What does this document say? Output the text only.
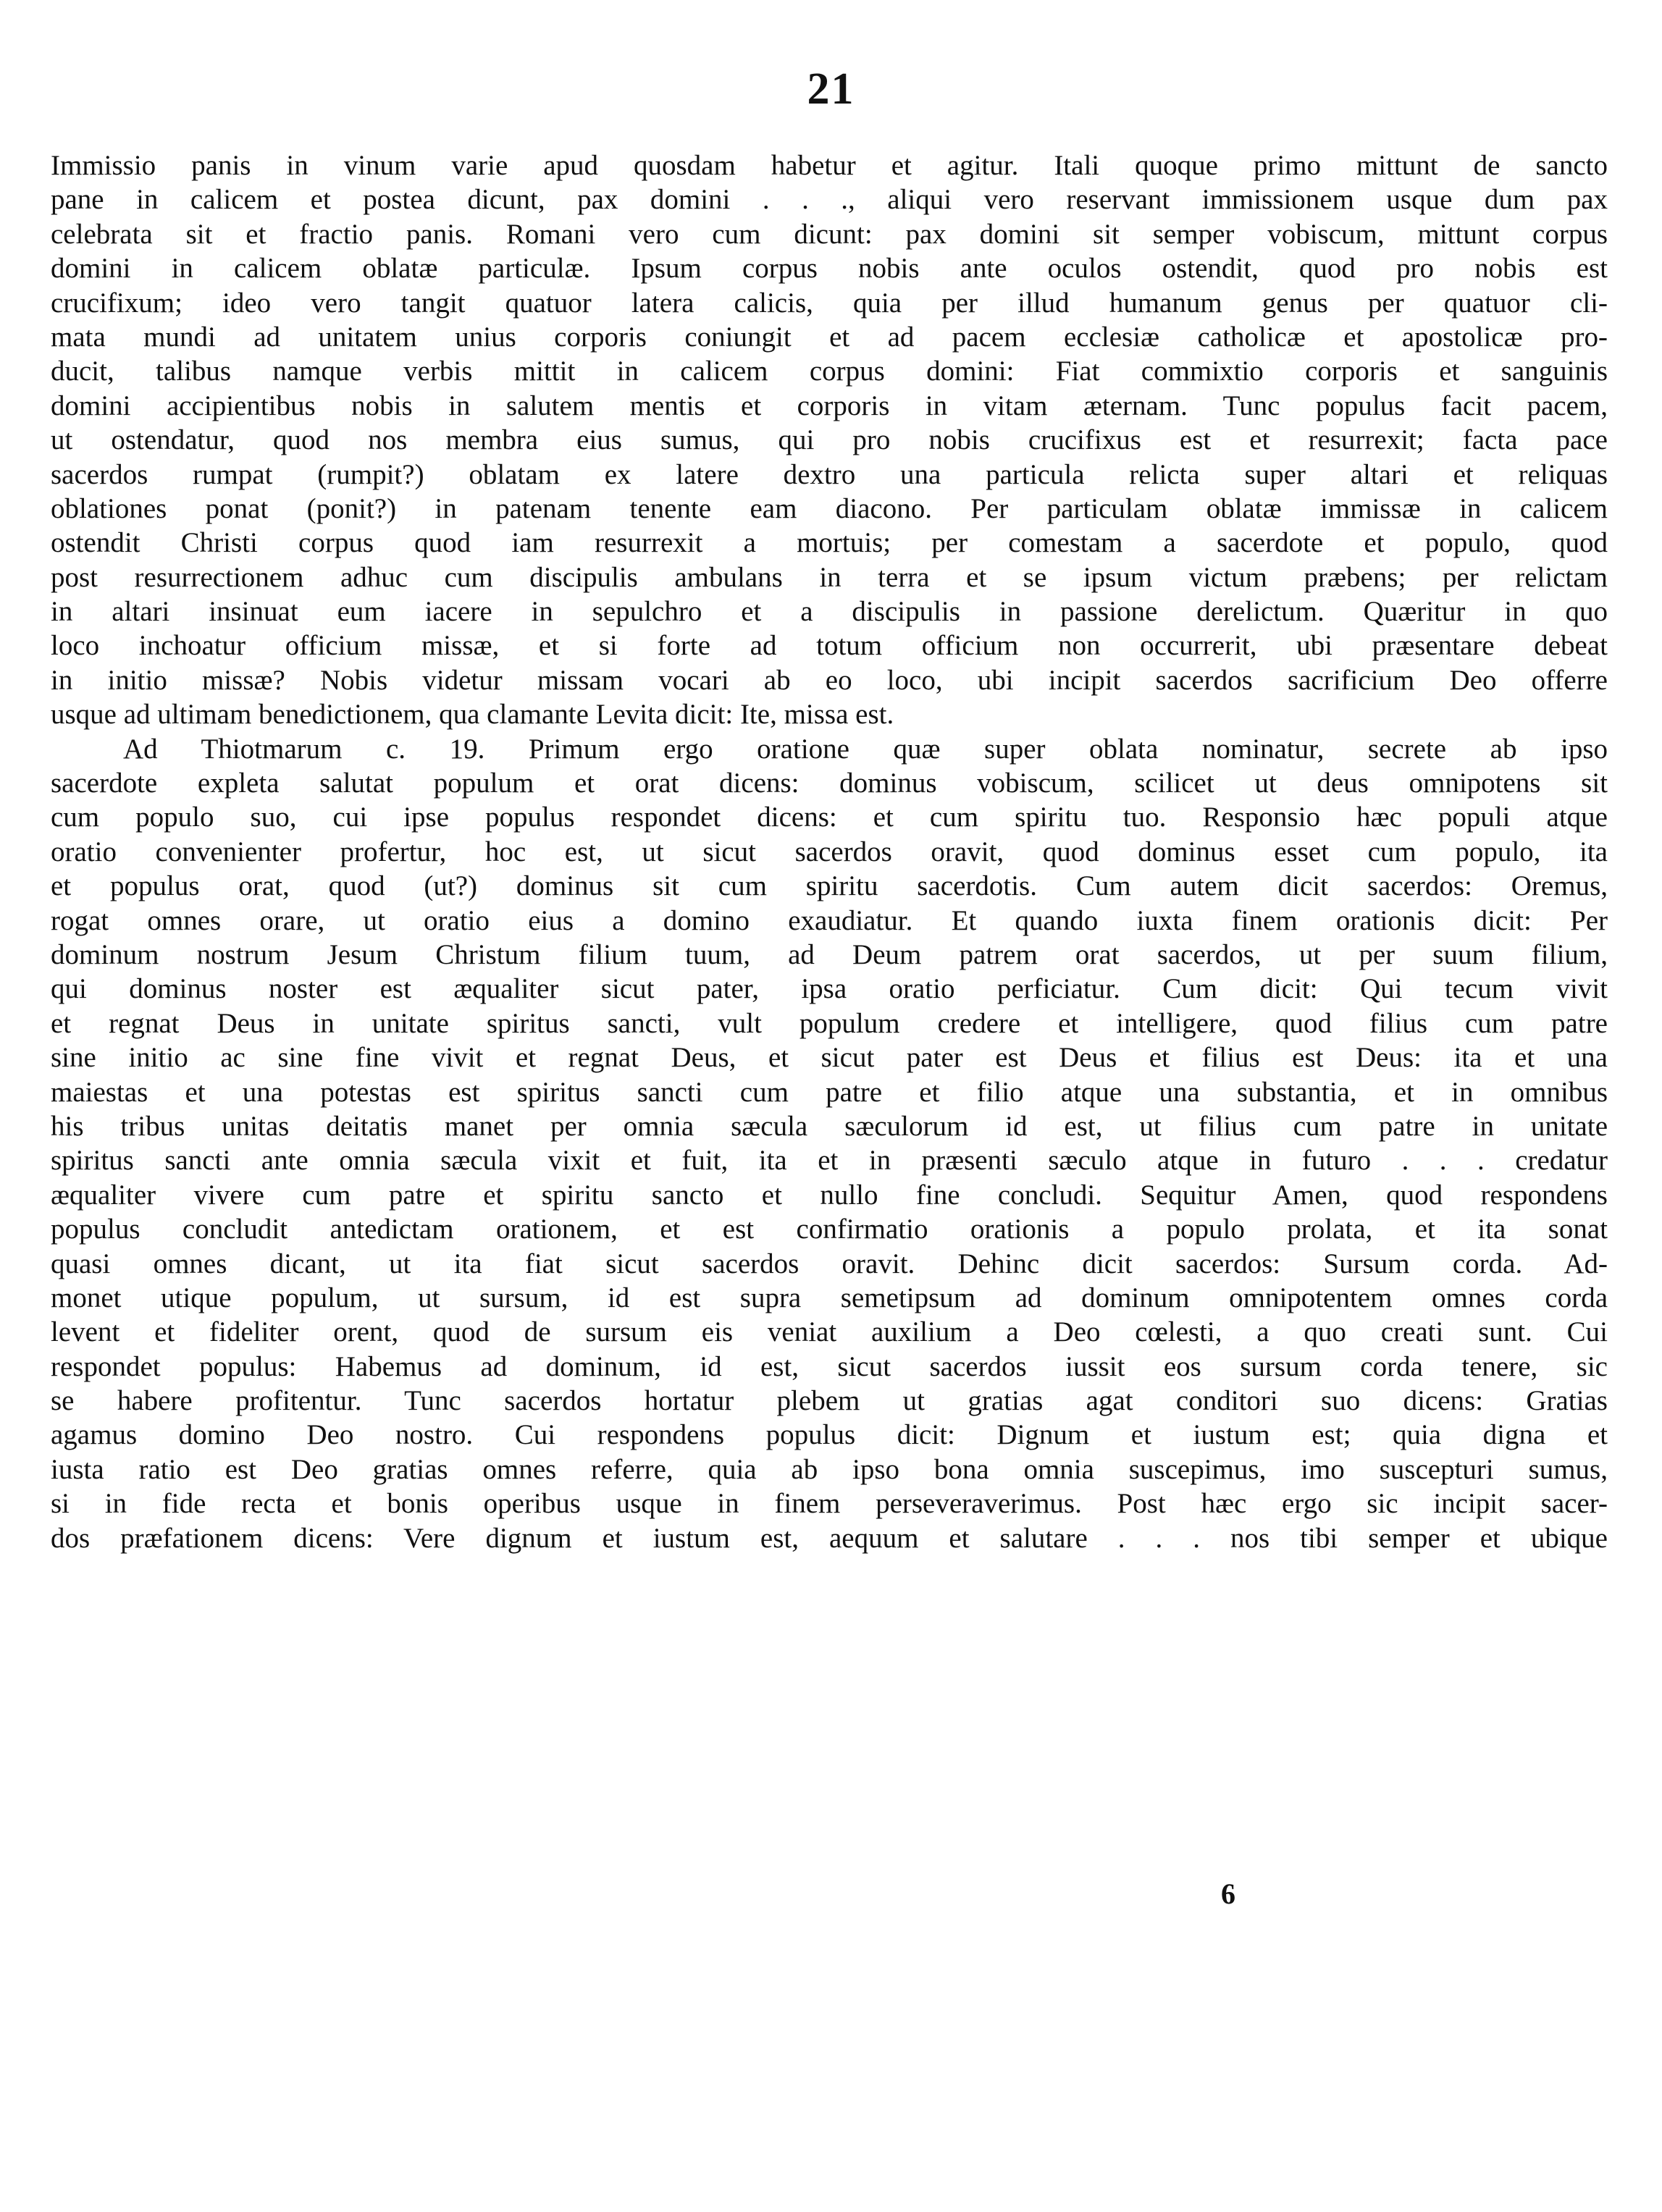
21
Immissio panis in vinum varie apud quosdam habetur et agitur. Itali quoque primo mittunt de sancto
pane in calicem et postea dicunt, pax domini . . ., aliqui vero reservant immissionem usque dum pax
celebrata sit et fractio panis. Romani vero cum dicunt: pax domini sit semper vobiscum, mittunt corpus
domini in calicem oblatæ particulæ. Ipsum corpus nobis ante oculos ostendit, quod pro nobis est
crucifixum; ideo vero tangit quatuor latera calicis, quia per illud humanum genus per quatuor cli-
mata mundi ad unitatem unius corporis coniungit et ad pacem ecclesiæ catholicæ et apostolicæ pro-
ducit, talibus namque verbis mittit in calicem corpus domini: Fiat commixtio corporis et sanguinis
domini accipientibus nobis in salutem mentis et corporis in vitam æternam. Tunc populus facit pacem,
ut ostendatur, quod nos membra eius sumus, qui pro nobis crucifixus est et resurrexit; facta pace
sacerdos rumpat (rumpit?) oblatam ex latere dextro una particula relicta super altari et reliquas
oblationes ponat (ponit?) in patenam tenente eam diacono. Per particulam oblatæ immissæ in calicem
ostendit Christi corpus quod iam resurrexit a mortuis; per comestam a sacerdote et populo, quod
post resurrectionem adhuc cum discipulis ambulans in terra et se ipsum victum præbens; per relictam
in altari insinuat eum iacere in sepulchro et a discipulis in passione derelictum. Quæritur in quo
loco inchoatur officium missæ, et si forte ad totum officium non occurrerit, ubi præsentare debeat
in initio missæ? Nobis videtur missam vocari ab eo loco, ubi incipit sacerdos sacrificium Deo offerre
usque ad ultimam benedictionem, qua clamante Levita dicit: Ite, missa est.
Ad Thiotmarum c. 19. Primum ergo oratione quæ super oblata nominatur, secrete ab ipso
sacerdote expleta salutat populum et orat dicens: dominus vobiscum, scilicet ut deus omnipotens sit
cum populo suo, cui ipse populus respondet dicens: et cum spiritu tuo. Responsio hæc populi atque
oratio convenienter profertur, hoc est, ut sicut sacerdos oravit, quod dominus esset cum populo, ita
et populus orat, quod (ut?) dominus sit cum spiritu sacerdotis. Cum autem dicit sacerdos: Oremus,
rogat omnes orare, ut oratio eius a domino exaudiatur. Et quando iuxta finem orationis dicit: Per
dominum nostrum Jesum Christum filium tuum, ad Deum patrem orat sacerdos, ut per suum filium,
qui dominus noster est æqualiter sicut pater, ipsa oratio perficiatur. Cum dicit: Qui tecum vivit
et regnat Deus in unitate spiritus sancti, vult populum credere et intelligere, quod filius cum patre
sine initio ac sine fine vivit et regnat Deus, et sicut pater est Deus et filius est Deus: ita et una
maiestas et una potestas est spiritus sancti cum patre et filio atque una substantia, et in omnibus
his tribus unitas deitatis manet per omnia sæcula sæculorum id est, ut filius cum patre in unitate
spiritus sancti ante omnia sæcula vixit et fuit, ita et in præsenti sæculo atque in futuro . . . credatur
æqualiter vivere cum patre et spiritu sancto et nullo fine concludi. Sequitur Amen, quod respondens
populus concludit antedictam orationem, et est confirmatio orationis a populo prolata, et ita sonat
quasi omnes dicant, ut ita fiat sicut sacerdos oravit. Dehinc dicit sacerdos: Sursum corda. Ad-
monet utique populum, ut sursum, id est supra semetipsum ad dominum omnipotentem omnes corda
levent et fideliter orent, quod de sursum eis veniat auxilium a Deo cœlesti, a quo creati sunt. Cui
respondet populus: Habemus ad dominum, id est, sicut sacerdos iussit eos sursum corda tenere, sic
se habere profitentur. Tunc sacerdos hortatur plebem ut gratias agat conditori suo dicens: Gratias
agamus domino Deo nostro. Cui respondens populus dicit: Dignum et iustum est; quia digna et
iusta ratio est Deo gratias omnes referre, quia ab ipso bona omnia suscepimus, imo suscepturi sumus,
si in fide recta et bonis operibus usque in finem perseveraverimus. Post hæc ergo sic incipit sacer-
dos præfationem dicens: Vere dignum et iustum est, aequum et salutare . . . nos tibi semper et ubique
6
